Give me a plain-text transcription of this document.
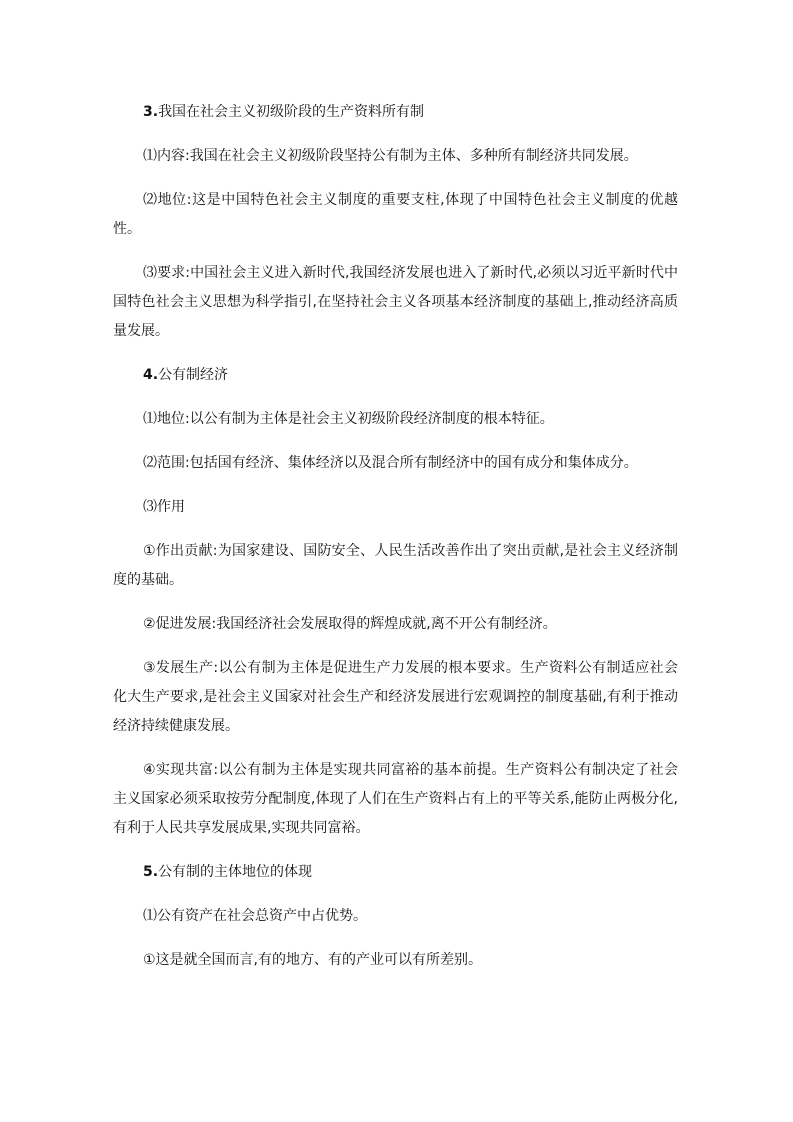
3.我国在社会主义初级阶段的生产资料所有制

⑴内容:我国在社会主义初级阶段坚持公有制为主体、多种所有制经济共同发展。

⑵地位:这是中国特色社会主义制度的重要支柱,体现了中国特色社会主义制度的优越性。

⑶要求:中国社会主义进入新时代,我国经济发展也进入了新时代,必须以习近平新时代中国特色社会主义思想为科学指引,在坚持社会主义各项基本经济制度的基础上,推动经济高质量发展。

4.公有制经济

⑴地位:以公有制为主体是社会主义初级阶段经济制度的根本特征。

⑵范围:包括国有经济、集体经济以及混合所有制经济中的国有成分和集体成分。

⑶作用

①作出贡献:为国家建设、国防安全、人民生活改善作出了突出贡献,是社会主义经济制度的基础。

②促进发展:我国经济社会发展取得的辉煌成就,离不开公有制经济。

③发展生产:以公有制为主体是促进生产力发展的根本要求。生产资料公有制适应社会化大生产要求,是社会主义国家对社会生产和经济发展进行宏观调控的制度基础,有利于推动经济持续健康发展。

④实现共富:以公有制为主体是实现共同富裕的基本前提。生产资料公有制决定了社会主义国家必须采取按劳分配制度,体现了人们在生产资料占有上的平等关系,能防止两极分化,有利于人民共享发展成果,实现共同富裕。

5.公有制的主体地位的体现

⑴公有资产在社会总资产中占优势。

①这是就全国而言,有的地方、有的产业可以有所差别。
